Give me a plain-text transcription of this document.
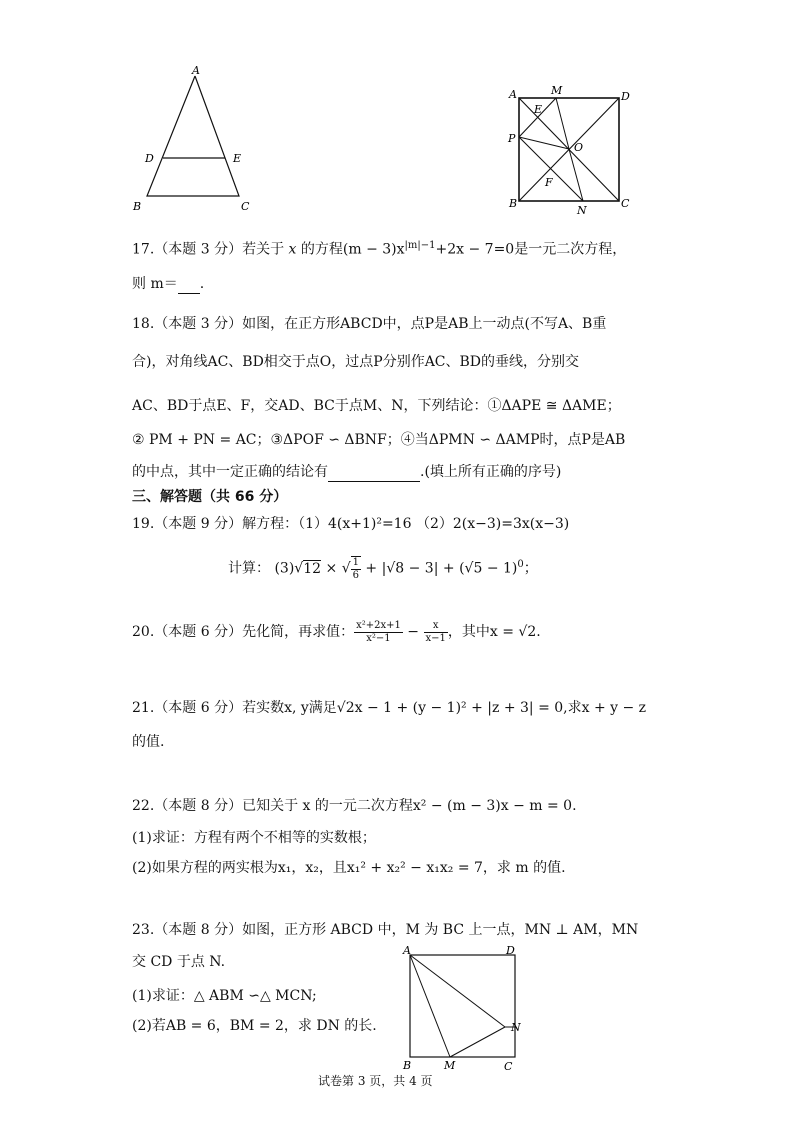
A
B	C
D	E
A	M	D
E
P
O
F
B
N
C
17.（本题 3 分）若关于 x 的方程$(m - 3)x^{|m|-1}+2x - 7=0$是一元二次方程，
则 m＝ .
18.（本题 3 分）如图，在正方形ABCD中，点P是AB上一动点(不写A、B重
合)，对角线AC、BD相交于点O，过点P分别作AC、BD的垂线，分别交
AC、BD于点E、F，交AD、BC于点M、N，下列结论：①ΔAPE ≅ ΔAME；
② PM + PN = AC；③ΔPOF ∽ ΔBNF；④当ΔPMN ∽ ΔAMP时，点P是AB
的中点，其中一定正确的结论有	.(填上所有正确的序号)
三、解答题（共 66 分）
19.（本题 9 分）解方程：（1）4(x+1)²=16 （2）2(x−3)=3x(x−3)
计算： (3)√12 × √ $\frac{1}{6} + |√8 - 3| + (√5 - 1)^0$；
20.（本题 6 分）先化简，再求值： $\frac{\text{x²+2x+1}}{\text{x²−1}} - \frac{x}{x-1}$ ，其中x = √2.
21.（本题 6 分）若实数x, y满足√2x − 1 + (y − 1)² + |z + 3| = 0,求x + y − z
的值.
22.（本题 8 分）已知关于 x 的一元二次方程x² − (m − 3)x − m = 0.
(1)求证：方程有两个不相等的实数根；
(2)如果方程的两实根为x₁，x₂，且x₁² + x₂² − x₁x₂ = 7，求 m 的值.
23.（本题 8 分）如图，正方形 ABCD 中，M 为 BC 上一点，MN ⊥ AM，MN
交 CD 于点 N.
(1)求证：△ ABM ∽△ MCN;
(2)若AB = 6，BM = 2，求 DN 的长.
A	D
N
B	M	C
试卷第 3 页，共 4 页
